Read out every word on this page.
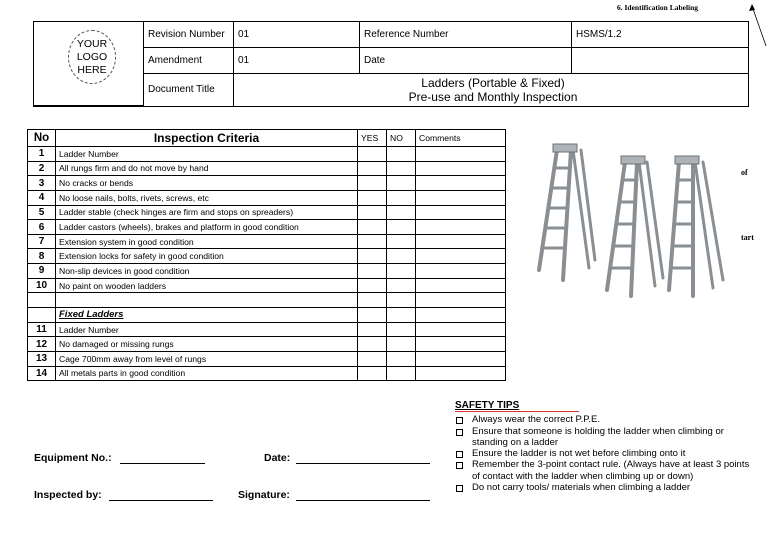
6. Identification Labeling
YOUR LOGO HERE
Revision Number	01	Reference Number	HSMS/1.2
Amendment	01	Date
Document Title	Ladders (Portable & Fixed)
Pre-use and Monthly Inspection
No	Inspection Criteria	YES	NO	Comments
1	Ladder Number			
2	All rungs firm and do not move by hand			
3	No cracks or bends			
4	No loose nails, bolts, rivets, screws, etc			
5	Ladder stable (check hinges are firm and stops on spreaders)			
6	Ladder castors (wheels), brakes and platform in good condition			
7	Extension system in good condition			
8	Extension locks for safety in good condition			
9	Non-slip devices in good condition			
10	No paint on wooden ladders			

	Fixed Ladders			
11	Ladder Number			
12	No damaged or missing rungs			
13	Cage 700mm away from level of rungs			
14	All metals parts in good condition			
of
tart
Equipment No.:	Date:
Inspected by:	Signature:
SAFETY TIPS
Always wear the correct P.P.E.
Ensure that someone is holding the ladder when climbing or standing on a ladder
Ensure the ladder is not wet before climbing onto it
Remember the 3-point contact rule. (Always have at least 3 points of contact with the ladder when climbing up or down)
Do not carry tools/ materials when climbing a ladder
